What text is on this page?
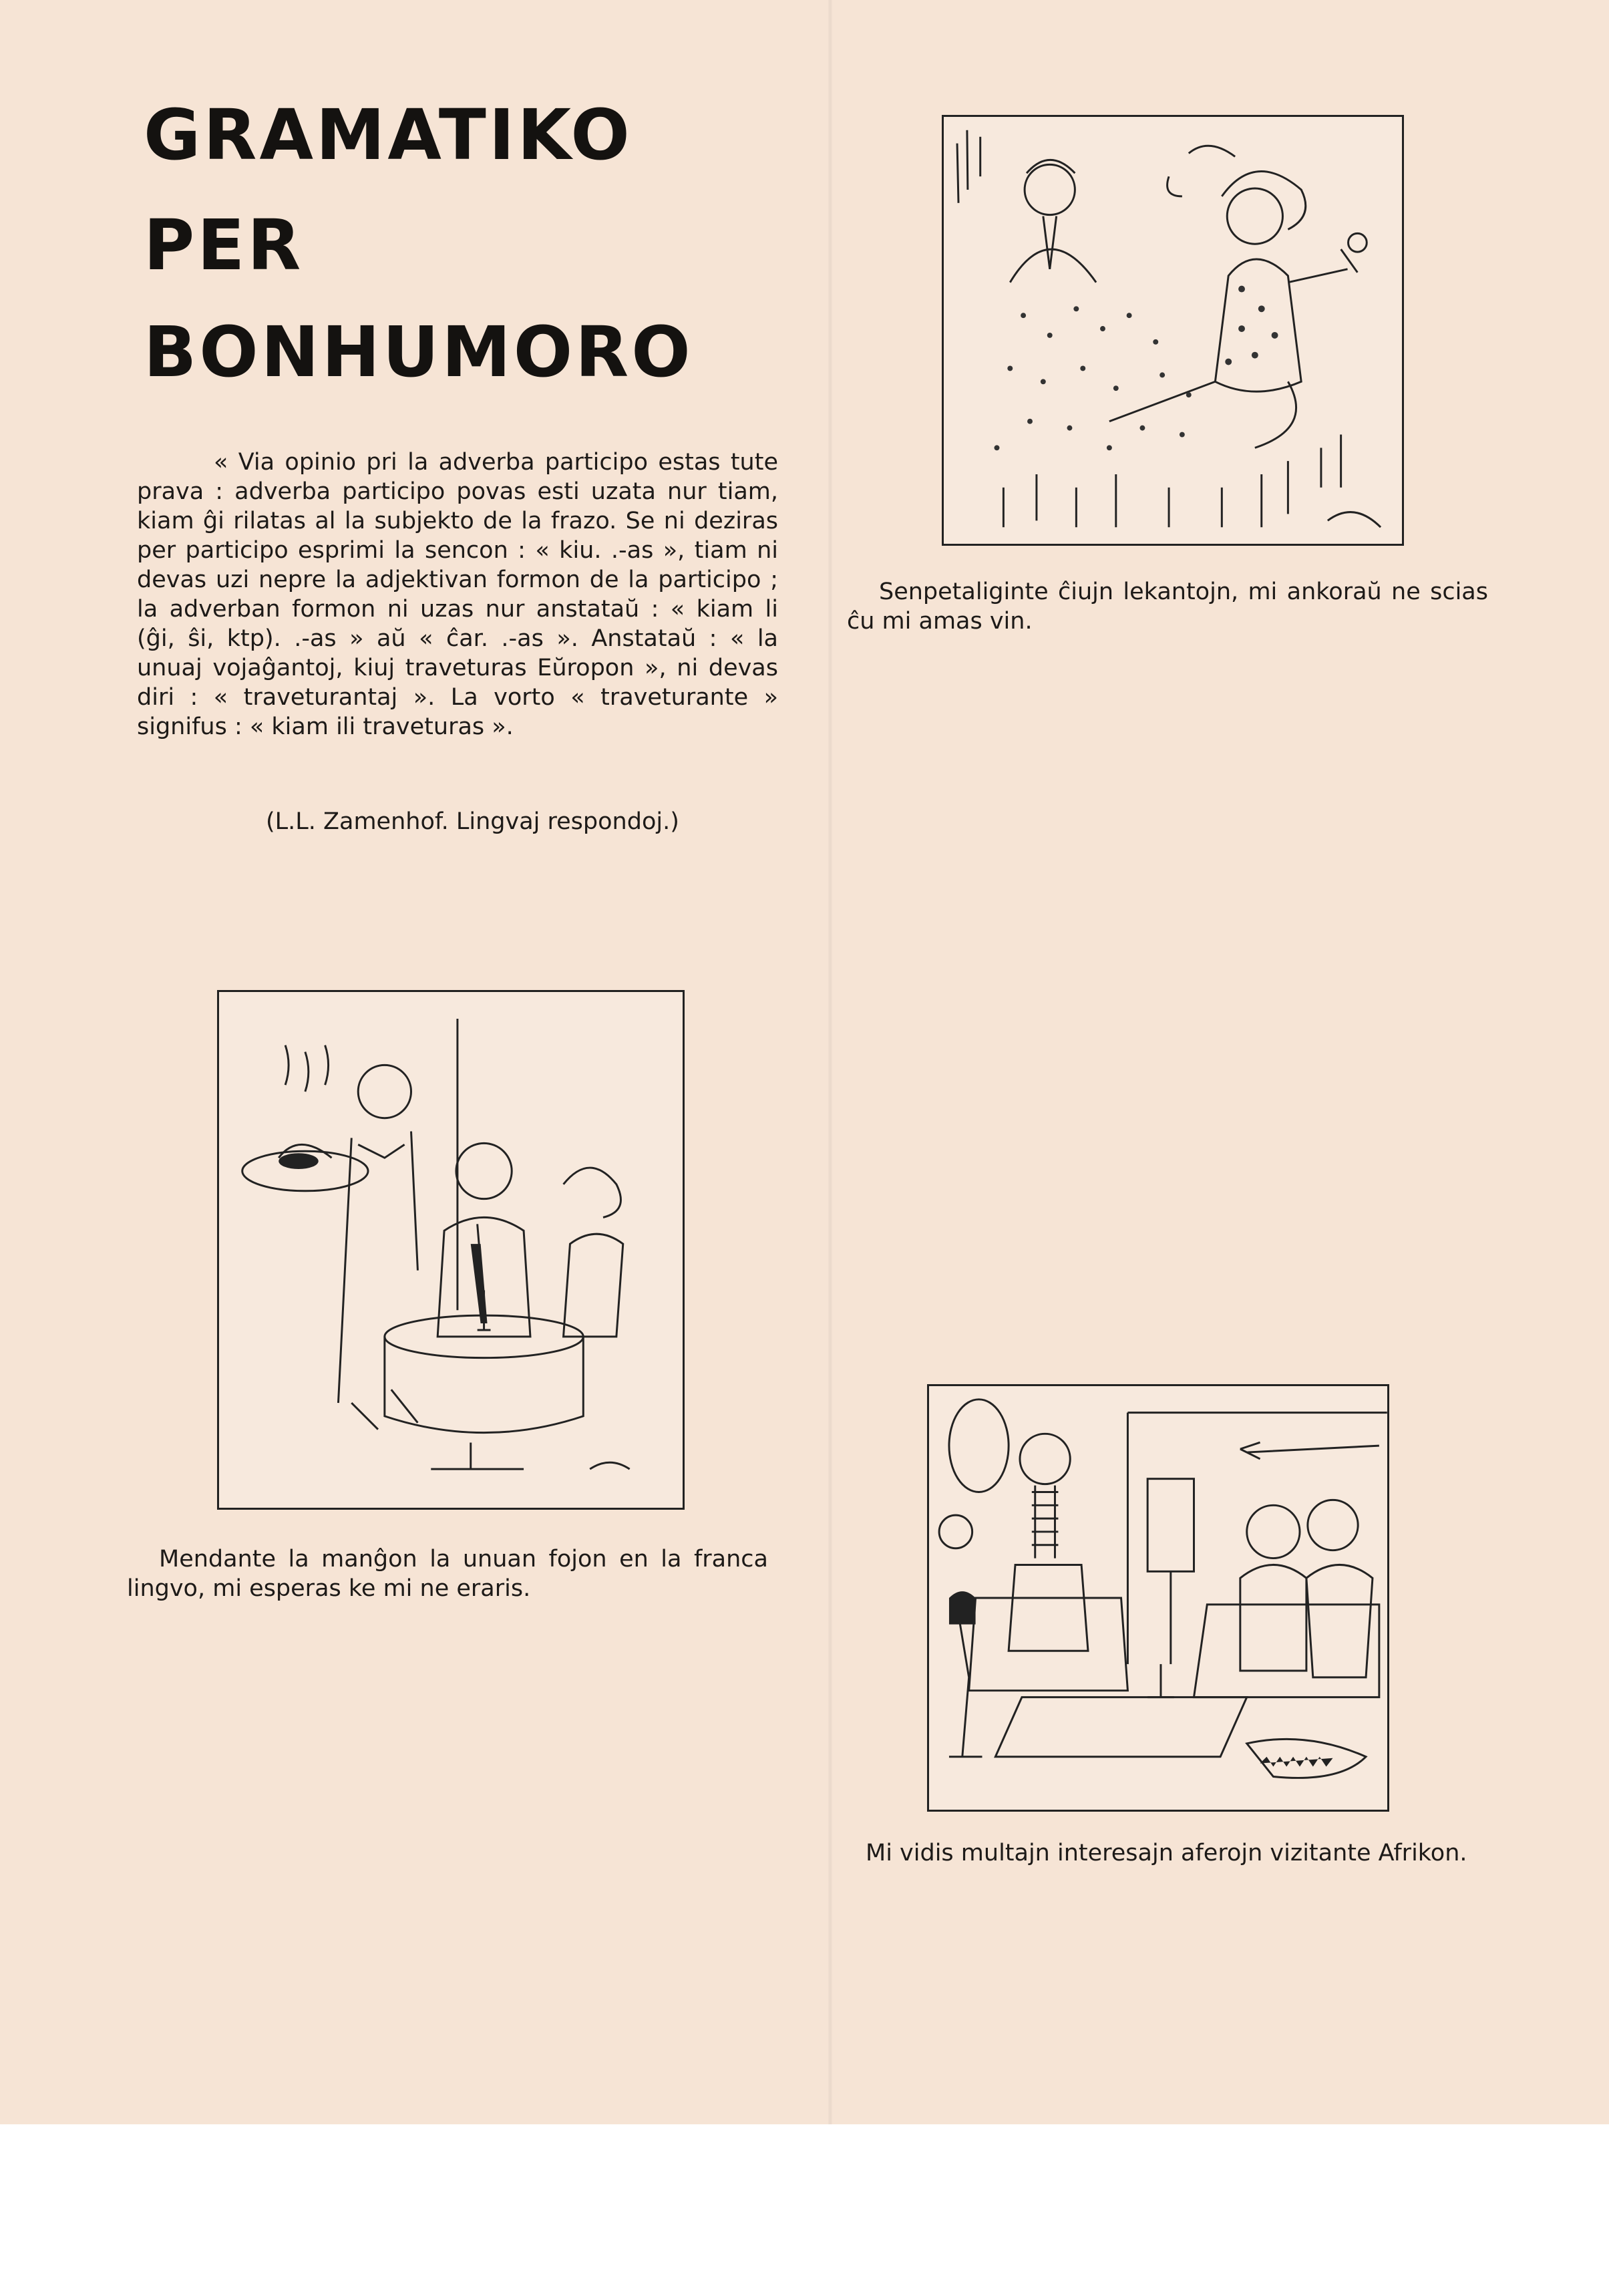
GRAMATIKO
PER
BONHUMORO

« Via opinio pri la adverba participo estas tute prava : adverba participo povas esti uzata nur tiam, kiam ĝi rilatas al la subjekto de la frazo. Se ni deziras per participo esprimi la sencon : « kiu. .-as », tiam ni devas uzi nepre la adjektivan formon de la participo ; la adverban formon ni uzas nur anstataŭ : « kiam li (ĝi, ŝi, ktp). .-as » aŭ « ĉar. .-as ». Anstataŭ : « la unuaj vojaĝantoj, kiuj traveturas Eŭropon », ni devas diri : « traveturantaj ». La vorto « traveturante » signifus : « kiam ili traveturas ».

(L.L. Zamenhof. Lingvaj respondoj.)

Senpetaliginte ĉiujn lekantojn, mi ankoraŭ ne scias ĉu mi amas vin.

Mendante la manĝon la unuan fojon en la franca lingvo, mi esperas ke mi ne eraris.

Mi vidis multajn interesajn aferojn vizitante Afrikon.
